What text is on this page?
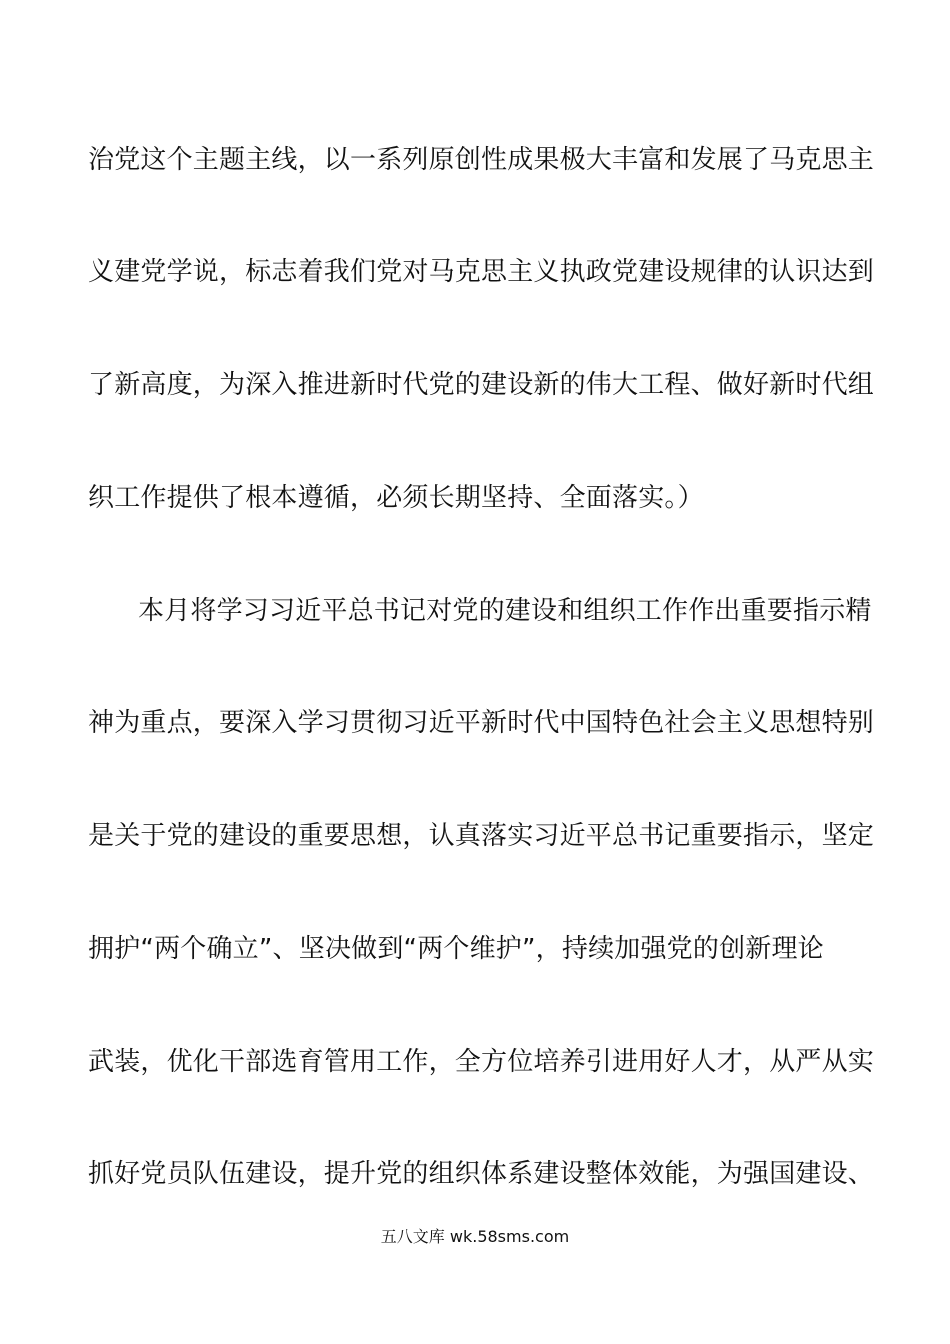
治党这个主题主线，以一系列原创性成果极大丰富和发展了马克思主
义建党学说，标志着我们党对马克思主义执政党建设规律的认识达到
了新高度，为深入推进新时代党的建设新的伟大工程、做好新时代组
织工作提供了根本遵循，必须长期坚持、全面落实。）
本月将学习习近平总书记对党的建设和组织工作作出重要指示精
神为重点，要深入学习贯彻习近平新时代中国特色社会主义思想特别
是关于党的建设的重要思想，认真落实习近平总书记重要指示，坚定
拥护“两个确立”、坚决做到“两个维护”，持续加强党的创新理论
武装，优化干部选育管用工作，全方位培养引进用好人才，从严从实
抓好党员队伍建设，提升党的组织体系建设整体效能，为强国建设、
五八文库 wk.58sms.com
